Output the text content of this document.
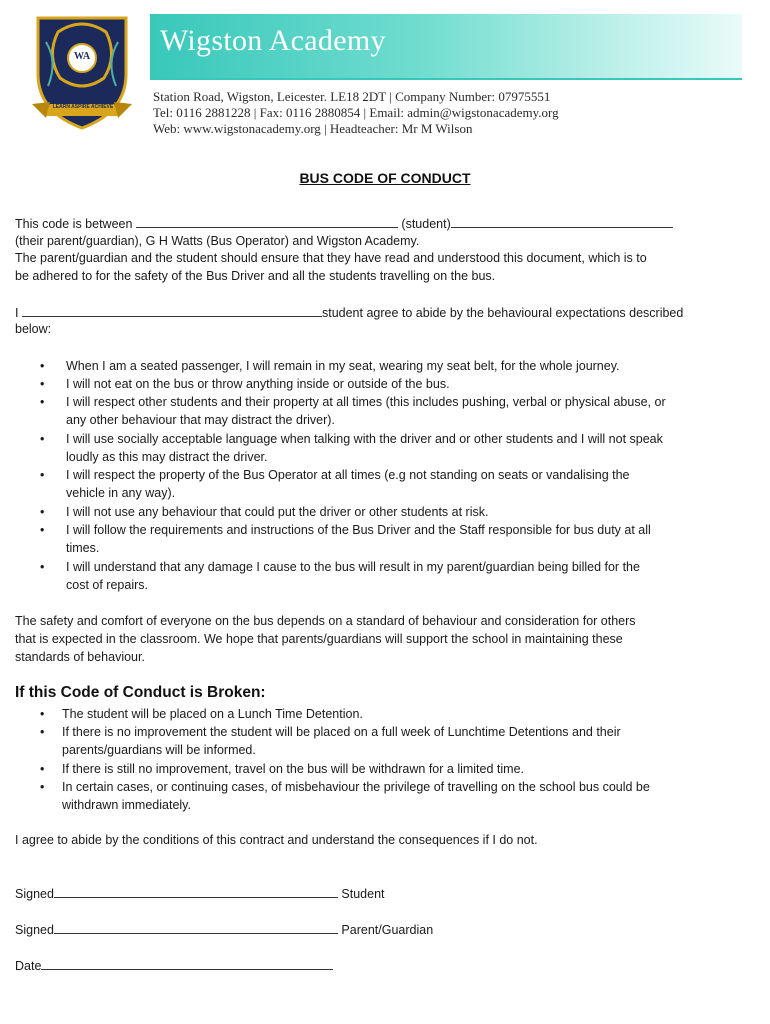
WA
LEARN ASPIRE ACHIEVE
Wigston Academy
Station Road, Wigston, Leicester. LE18 2DT | Company Number: 07975551
Tel: 0116 2881228 | Fax: 0116 2880854 | Email: admin@wigstonacademy.org
Web: www.wigstonacademy.org | Headteacher: Mr M Wilson
BUS CODE OF CONDUCT
This code is between	(student)
(their parent/guardian), G H Watts (Bus Operator) and Wigston Academy.
The parent/guardian and the student should ensure that they have read and understood this document, which is to
be adhered to for the safety of the Bus Driver and all the students travelling on the bus.
I	student agree to abide by the behavioural expectations described
below:
• When I am a seated passenger, I will remain in my seat, wearing my seat belt, for the whole journey.
• I will not eat on the bus or throw anything inside or outside of the bus.
• I will respect other students and their property at all times (this includes pushing, verbal or physical abuse, or
any other behaviour that may distract the driver).
• I will use socially acceptable language when talking with the driver and or other students and I will not speak
loudly as this may distract the driver.
• I will respect the property of the Bus Operator at all times (e.g not standing on seats or vandalising the
vehicle in any way).
• I will not use any behaviour that could put the driver or other students at risk.
• I will follow the requirements and instructions of the Bus Driver and the Staff responsible for bus duty at all
times.
• I will understand that any damage I cause to the bus will result in my parent/guardian being billed for the
cost of repairs.
The safety and comfort of everyone on the bus depends on a standard of behaviour and consideration for others
that is expected in the classroom. We hope that parents/guardians will support the school in maintaining these
standards of behaviour.
If this Code of Conduct is Broken:
• The student will be placed on a Lunch Time Detention.
• If there is no improvement the student will be placed on a full week of Lunchtime Detentions and their
parents/guardians will be informed.
• If there is still no improvement, travel on the bus will be withdrawn for a limited time.
• In certain cases, or continuing cases, of misbehaviour the privilege of travelling on the school bus could be
withdrawn immediately.
I agree to abide by the conditions of this contract and understand the consequences if I do not.
Signed	Student
Signed	Parent/Guardian
Date
